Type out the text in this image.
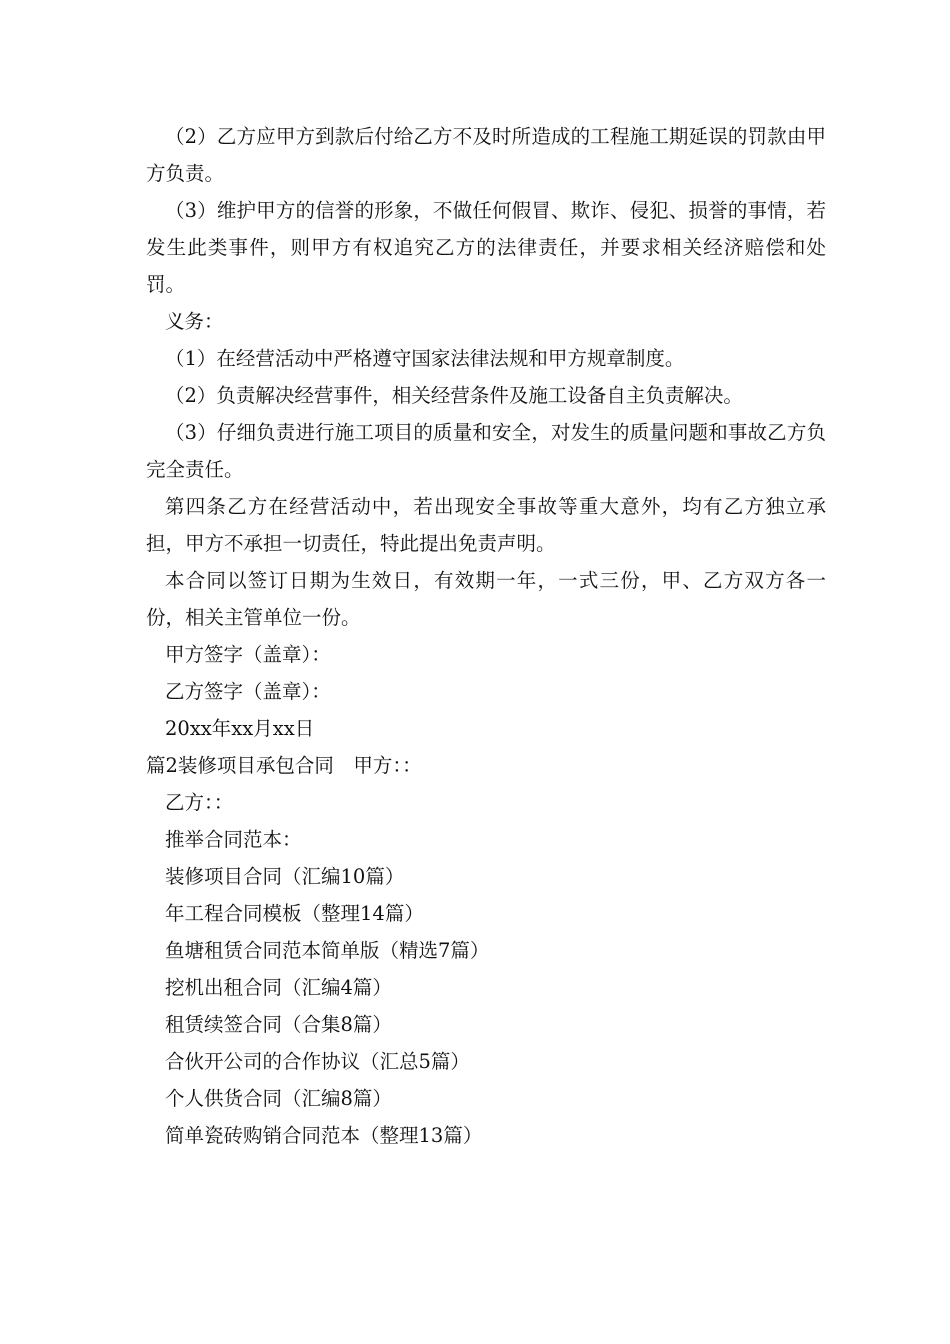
（2）乙方应甲方到款后付给乙方不及时所造成的工程施工期延误的罚款由甲方负责。

（3）维护甲方的信誉的形象，不做任何假冒、欺诈、侵犯、损誉的事情，若发生此类事件，则甲方有权追究乙方的法律责任，并要求相关经济赔偿和处罚。

义务：

（1）在经营活动中严格遵守国家法律法规和甲方规章制度。

（2）负责解决经营事件，相关经营条件及施工设备自主负责解决。

（3）仔细负责进行施工项目的质量和安全，对发生的质量问题和事故乙方负完全责任。

第四条乙方在经营活动中，若出现安全事故等重大意外，均有乙方独立承担，甲方不承担一切责任，特此提出免责声明。

本合同以签订日期为生效日，有效期一年，一式三份，甲、乙方双方各一份，相关主管单位一份。

甲方签字（盖章）：

乙方签字（盖章）：

20xx年xx月xx日

篇2装修项目承包合同　甲方：：

乙方：：

推举合同范本：

装修项目合同（汇编10篇）

年工程合同模板（整理14篇）

鱼塘租赁合同范本简单版（精选7篇）

挖机出租合同（汇编4篇）

租赁续签合同（合集8篇）

合伙开公司的合作协议（汇总5篇）

个人供货合同（汇编8篇）

简单瓷砖购销合同范本（整理13篇）
